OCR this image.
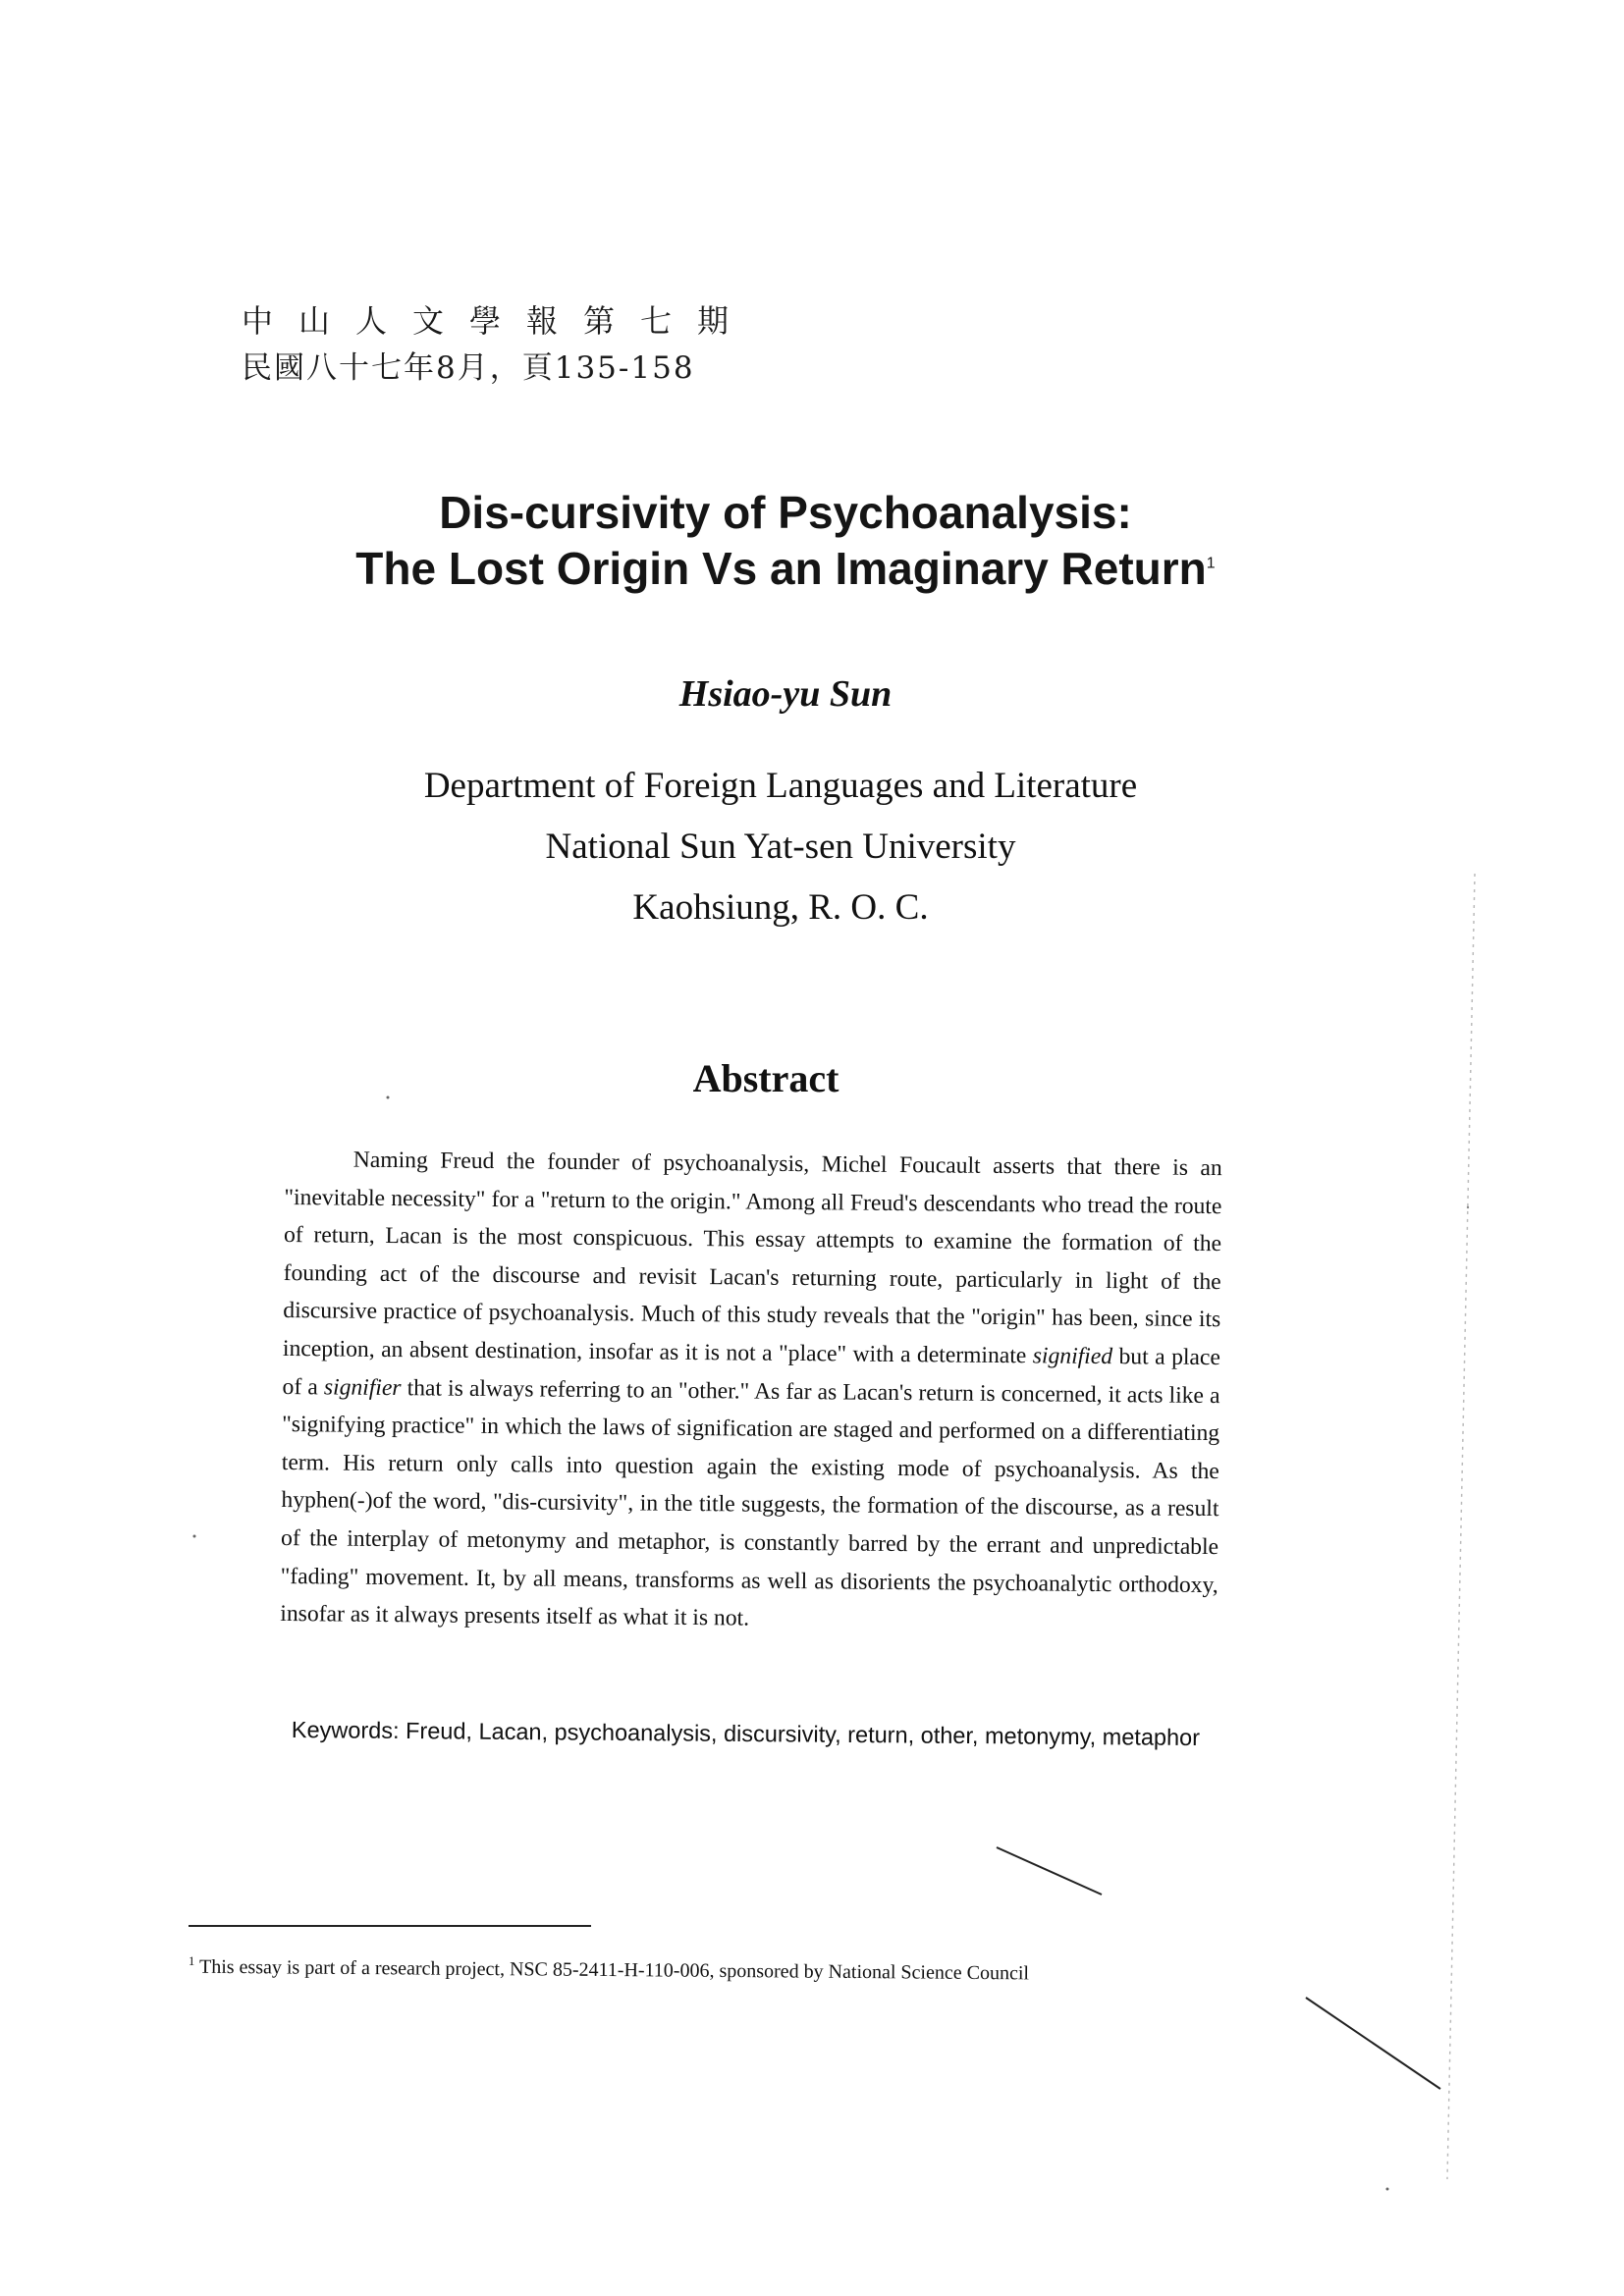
中山人文學報第七期
民國八十七年8月，頁135-158
Dis-cursivity of Psychoanalysis:
The Lost Origin Vs an Imaginary Return$^1$
Hsiao-yu Sun
Department of Foreign Languages and Literature
National Sun Yat-sen University
Kaohsiung, R. O. C.
Abstract
Naming Freud the founder of psychoanalysis, Michel Foucault asserts that there is an "inevitable necessity" for a "return to the origin." Among all Freud's descendants who tread the route of return, Lacan is the most conspicuous. This essay attempts to examine the formation of the founding act of the discourse and revisit Lacan's returning route, particularly in light of the discursive practice of psychoanalysis. Much of this study reveals that the "origin" has been, since its inception, an absent destination, insofar as it is not a "place" with a determinate signified but a place of a signifier that is always referring to an "other." As far as Lacan's return is concerned, it acts like a "signifying practice" in which the laws of signification are staged and performed on a differentiating term. His return only calls into question again the existing mode of psychoanalysis. As the hyphen(-)of the word, "dis-cursivity", in the title suggests, the formation of the discourse, as a result of the interplay of metonymy and metaphor, is constantly barred by the errant and unpredictable "fading" movement. It, by all means, transforms as well as disorients the psychoanalytic orthodoxy, insofar as it always presents itself as what it is not.
Keywords: Freud, Lacan, psychoanalysis, discursivity, return, other, metonymy, metaphor
$^1$ This essay is part of a research project, NSC 85-2411-H-110-006, sponsored by National Science Council
